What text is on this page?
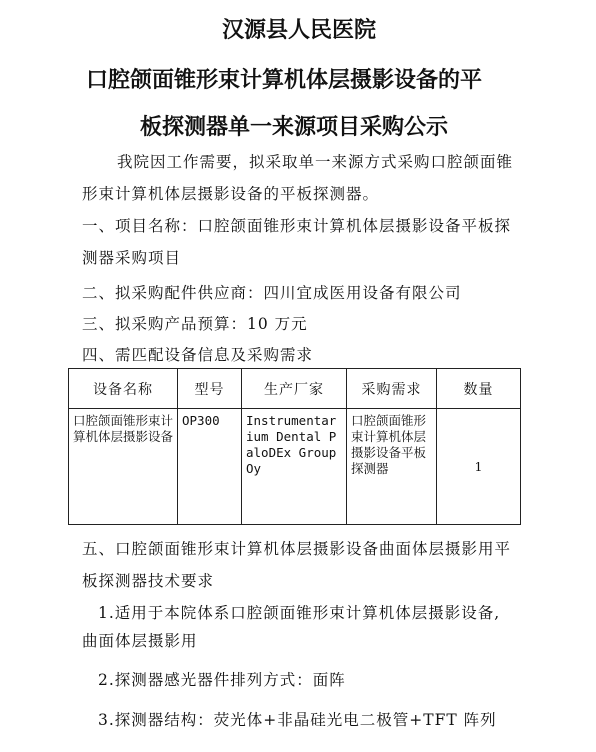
汉源县人民医院
口腔颌面锥形束计算机体层摄影设备的平
板探测器单一来源项目采购公示
我院因工作需要，拟采取单一来源方式采购口腔颌面锥
形束计算机体层摄影设备的平板探测器。
一、项目名称：口腔颌面锥形束计算机体层摄影设备平板探
测器采购项目
二、拟采购配件供应商：四川宜成医用设备有限公司
三、拟采购产品预算：10 万元
四、需匹配设备信息及采购需求
设备名称	型号	生产厂家	采购需求	数量
口腔颌面锥形束计算机体层摄影设备	OP300	Instrumentarium Dental PaloDEx Group Oy	口腔颌面锥形束计算机体层摄影设备平板探测器	1
五、口腔颌面锥形束计算机体层摄影设备曲面体层摄影用平
板探测器技术要求
1.适用于本院体系口腔颌面锥形束计算机体层摄影设备,
曲面体层摄影用
2.探测器感光器件排列方式：面阵
3.探测器结构：荧光体+非晶硅光电二极管+TFT 阵列
